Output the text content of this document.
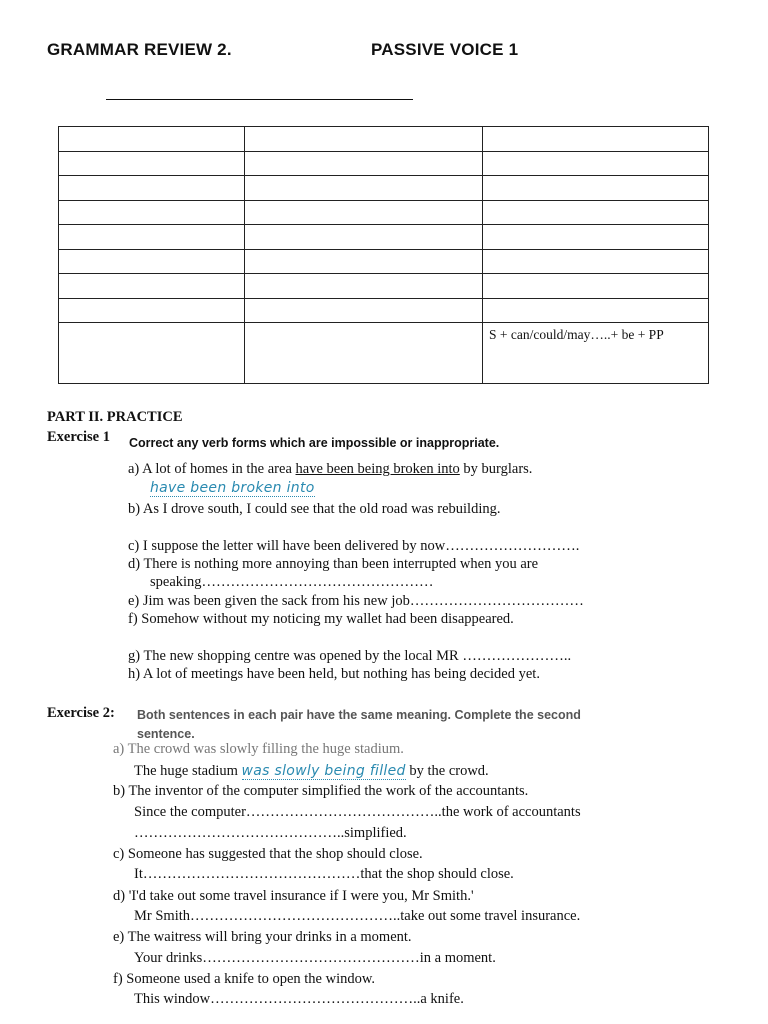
GRAMMAR REVIEW 2.	PASSIVE VOICE 1

		S + can/could/may…..+ be + PP
PART II. PRACTICE
Exercise 1 Correct any verb forms which are impossible or inappropriate.
a) A lot of homes in the area have been being broken into by burglars.
have been broken into
b) As I drove south, I could see that the old road was rebuilding.
c) I suppose the letter will have been delivered by now……………………….
d) There is nothing more annoying than been interrupted when you are
speaking…………………………………………
e) Jim was been given the sack from his new job………………………………
f) Somehow without my noticing my wallet had been disappeared.
g) The new shopping centre was opened by the local MR …………………..
h) A lot of meetings have been held, but nothing has being decided yet.
Exercise 2: Both sentences in each pair have the same meaning. Complete the second
sentence.
a) The crowd was slowly filling the huge stadium.
The huge stadium was slowly being filled by the crowd.
b) The inventor of the computer simplified the work of the accountants.
Since the computer…………………………………..the work of accountants
……………………………………..simplified.
c) Someone has suggested that the shop should close.
It………………………………………that the shop should close.
d) 'I'd take out some travel insurance if I were you, Mr Smith.'
Mr Smith……………………………………..take out some travel insurance.
e) The waitress will bring your drinks in a moment.
Your drinks………………………………………in a moment.
f) Someone used a knife to open the window.
This window……………………………………..a knife.
